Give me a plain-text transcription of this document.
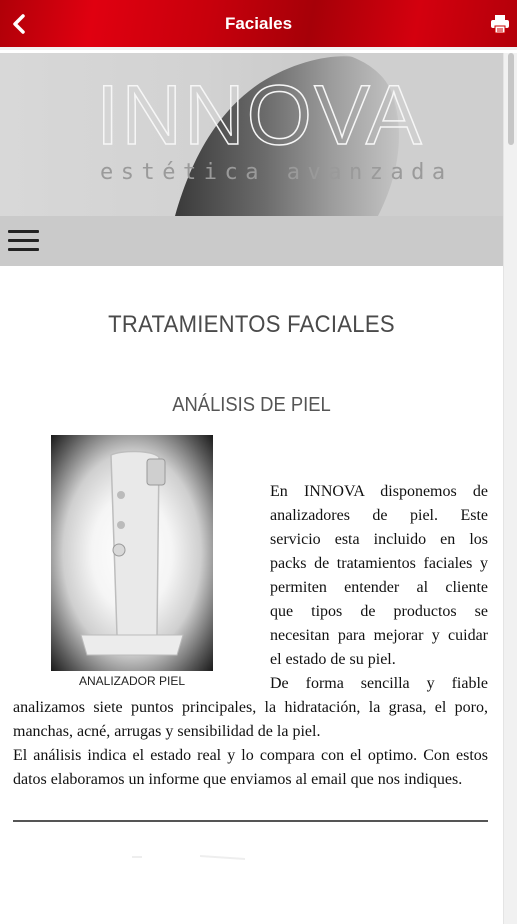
Faciales
INNOVA
estética avanzada
TRATAMIENTOS FACIALES
ANÁLISIS DE PIEL
ANALIZADOR PIEL
En INNOVA disponemos de
analizadores de piel. Este
servicio esta incluido en los
packs de tratamientos faciales y
permiten entender al cliente
que tipos de productos se
necesitan para mejorar y cuidar
el estado de su piel.
De forma sencilla y fiable
analizamos siete puntos principales, la hidratación, la grasa, el poro,
manchas, acné, arrugas y sensibilidad de la piel.
El análisis indica el estado real y lo compara con el optimo. Con estos
datos elaboramos un informe que enviamos al email que nos indiques.
